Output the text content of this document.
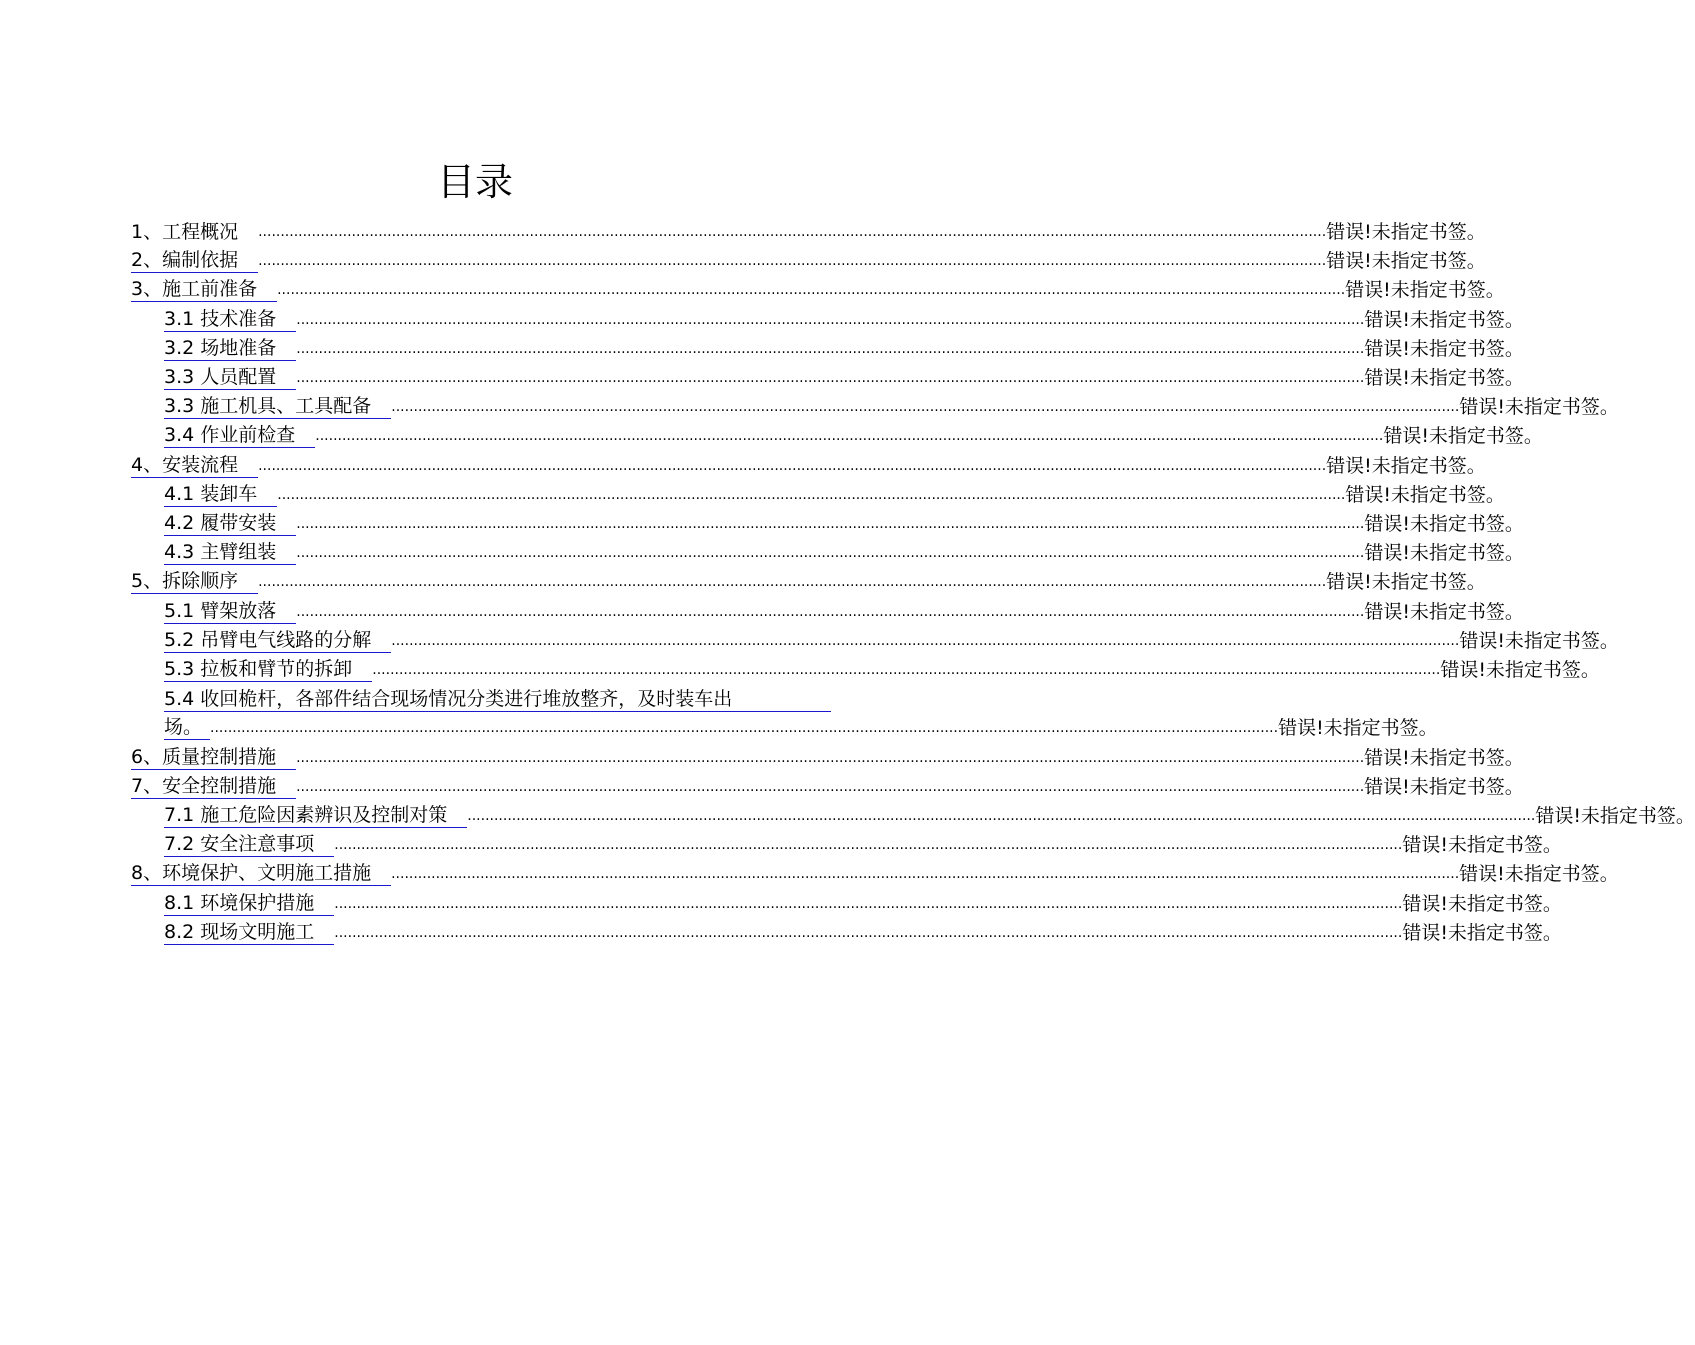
目录
1、工程概况	................................................................................................................................................................................................................................................ 错误!未指定书签。
2、编制依据	................................................................................................................................................................................................................................................ 错误!未指定书签。
3、施工前准备	................................................................................................................................................................................................................................................ 错误!未指定书签。
3.1 技术准备	................................................................................................................................................................................................................................................ 错误!未指定书签。
3.2 场地准备	................................................................................................................................................................................................................................................ 错误!未指定书签。
3.3 人员配置	................................................................................................................................................................................................................................................ 错误!未指定书签。
3.3 施工机具、工具配备	................................................................................................................................................................................................................................................ 错误!未指定书签。
3.4 作业前检查	................................................................................................................................................................................................................................................ 错误!未指定书签。
4、安装流程	................................................................................................................................................................................................................................................ 错误!未指定书签。
4.1 装卸车	................................................................................................................................................................................................................................................ 错误!未指定书签。
4.2 履带安装	................................................................................................................................................................................................................................................ 错误!未指定书签。
4.3 主臂组装	................................................................................................................................................................................................................................................ 错误!未指定书签。
5、拆除顺序	................................................................................................................................................................................................................................................ 错误!未指定书签。
5.1 臂架放落	................................................................................................................................................................................................................................................ 错误!未指定书签。
5.2 吊臂电气线路的分解	................................................................................................................................................................................................................................................ 错误!未指定书签。
5.3 拉板和臂节的拆卸	................................................................................................................................................................................................................................................ 错误!未指定书签。
5.4 收回桅杆，各部件结合现场情况分类进行堆放整齐，及时装车出
场。 ................................................................................................................................................................................................................................................ 错误!未指定书签。
6、质量控制措施	................................................................................................................................................................................................................................................ 错误!未指定书签。
7、安全控制措施	................................................................................................................................................................................................................................................ 错误!未指定书签。
7.1 施工危险因素辨识及控制对策	................................................................................................................................................................................................................................................ 错误!未指定书签。
7.2 安全注意事项	................................................................................................................................................................................................................................................ 错误!未指定书签。
8、环境保护、文明施工措施	................................................................................................................................................................................................................................................ 错误!未指定书签。
8.1 环境保护措施	................................................................................................................................................................................................................................................ 错误!未指定书签。
8.2 现场文明施工	................................................................................................................................................................................................................................................ 错误!未指定书签。
